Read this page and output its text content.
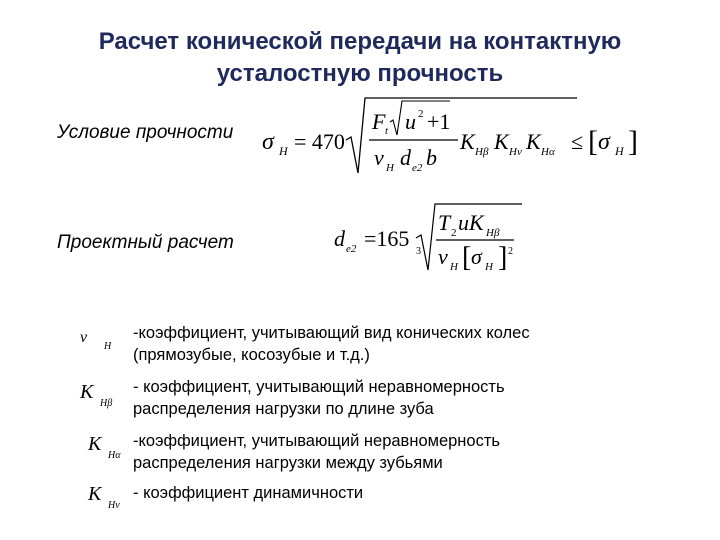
Расчет конической передачи на контактную
усталостную прочность
Условие прочности σ H = 470
F t u 2 +1
ν H d e2 b
K Hβ K Hv K Hα ≤ [ σ H ]
Проектный расчет	d e2 =165
3
T 2 uK Hβ
ν H [ σ H ] 2
ν
H
-коэффициент, учитывающий вид конических колес
(прямозубые, косозубые и т.д.)
K
Hβ
- коэффициент, учитывающий неравномерность
распределения нагрузки по длине зуба
K
Hα
-коэффициент, учитывающий неравномерность
распределения нагрузки между зубьями
K
Hv
- коэффициент динамичности
